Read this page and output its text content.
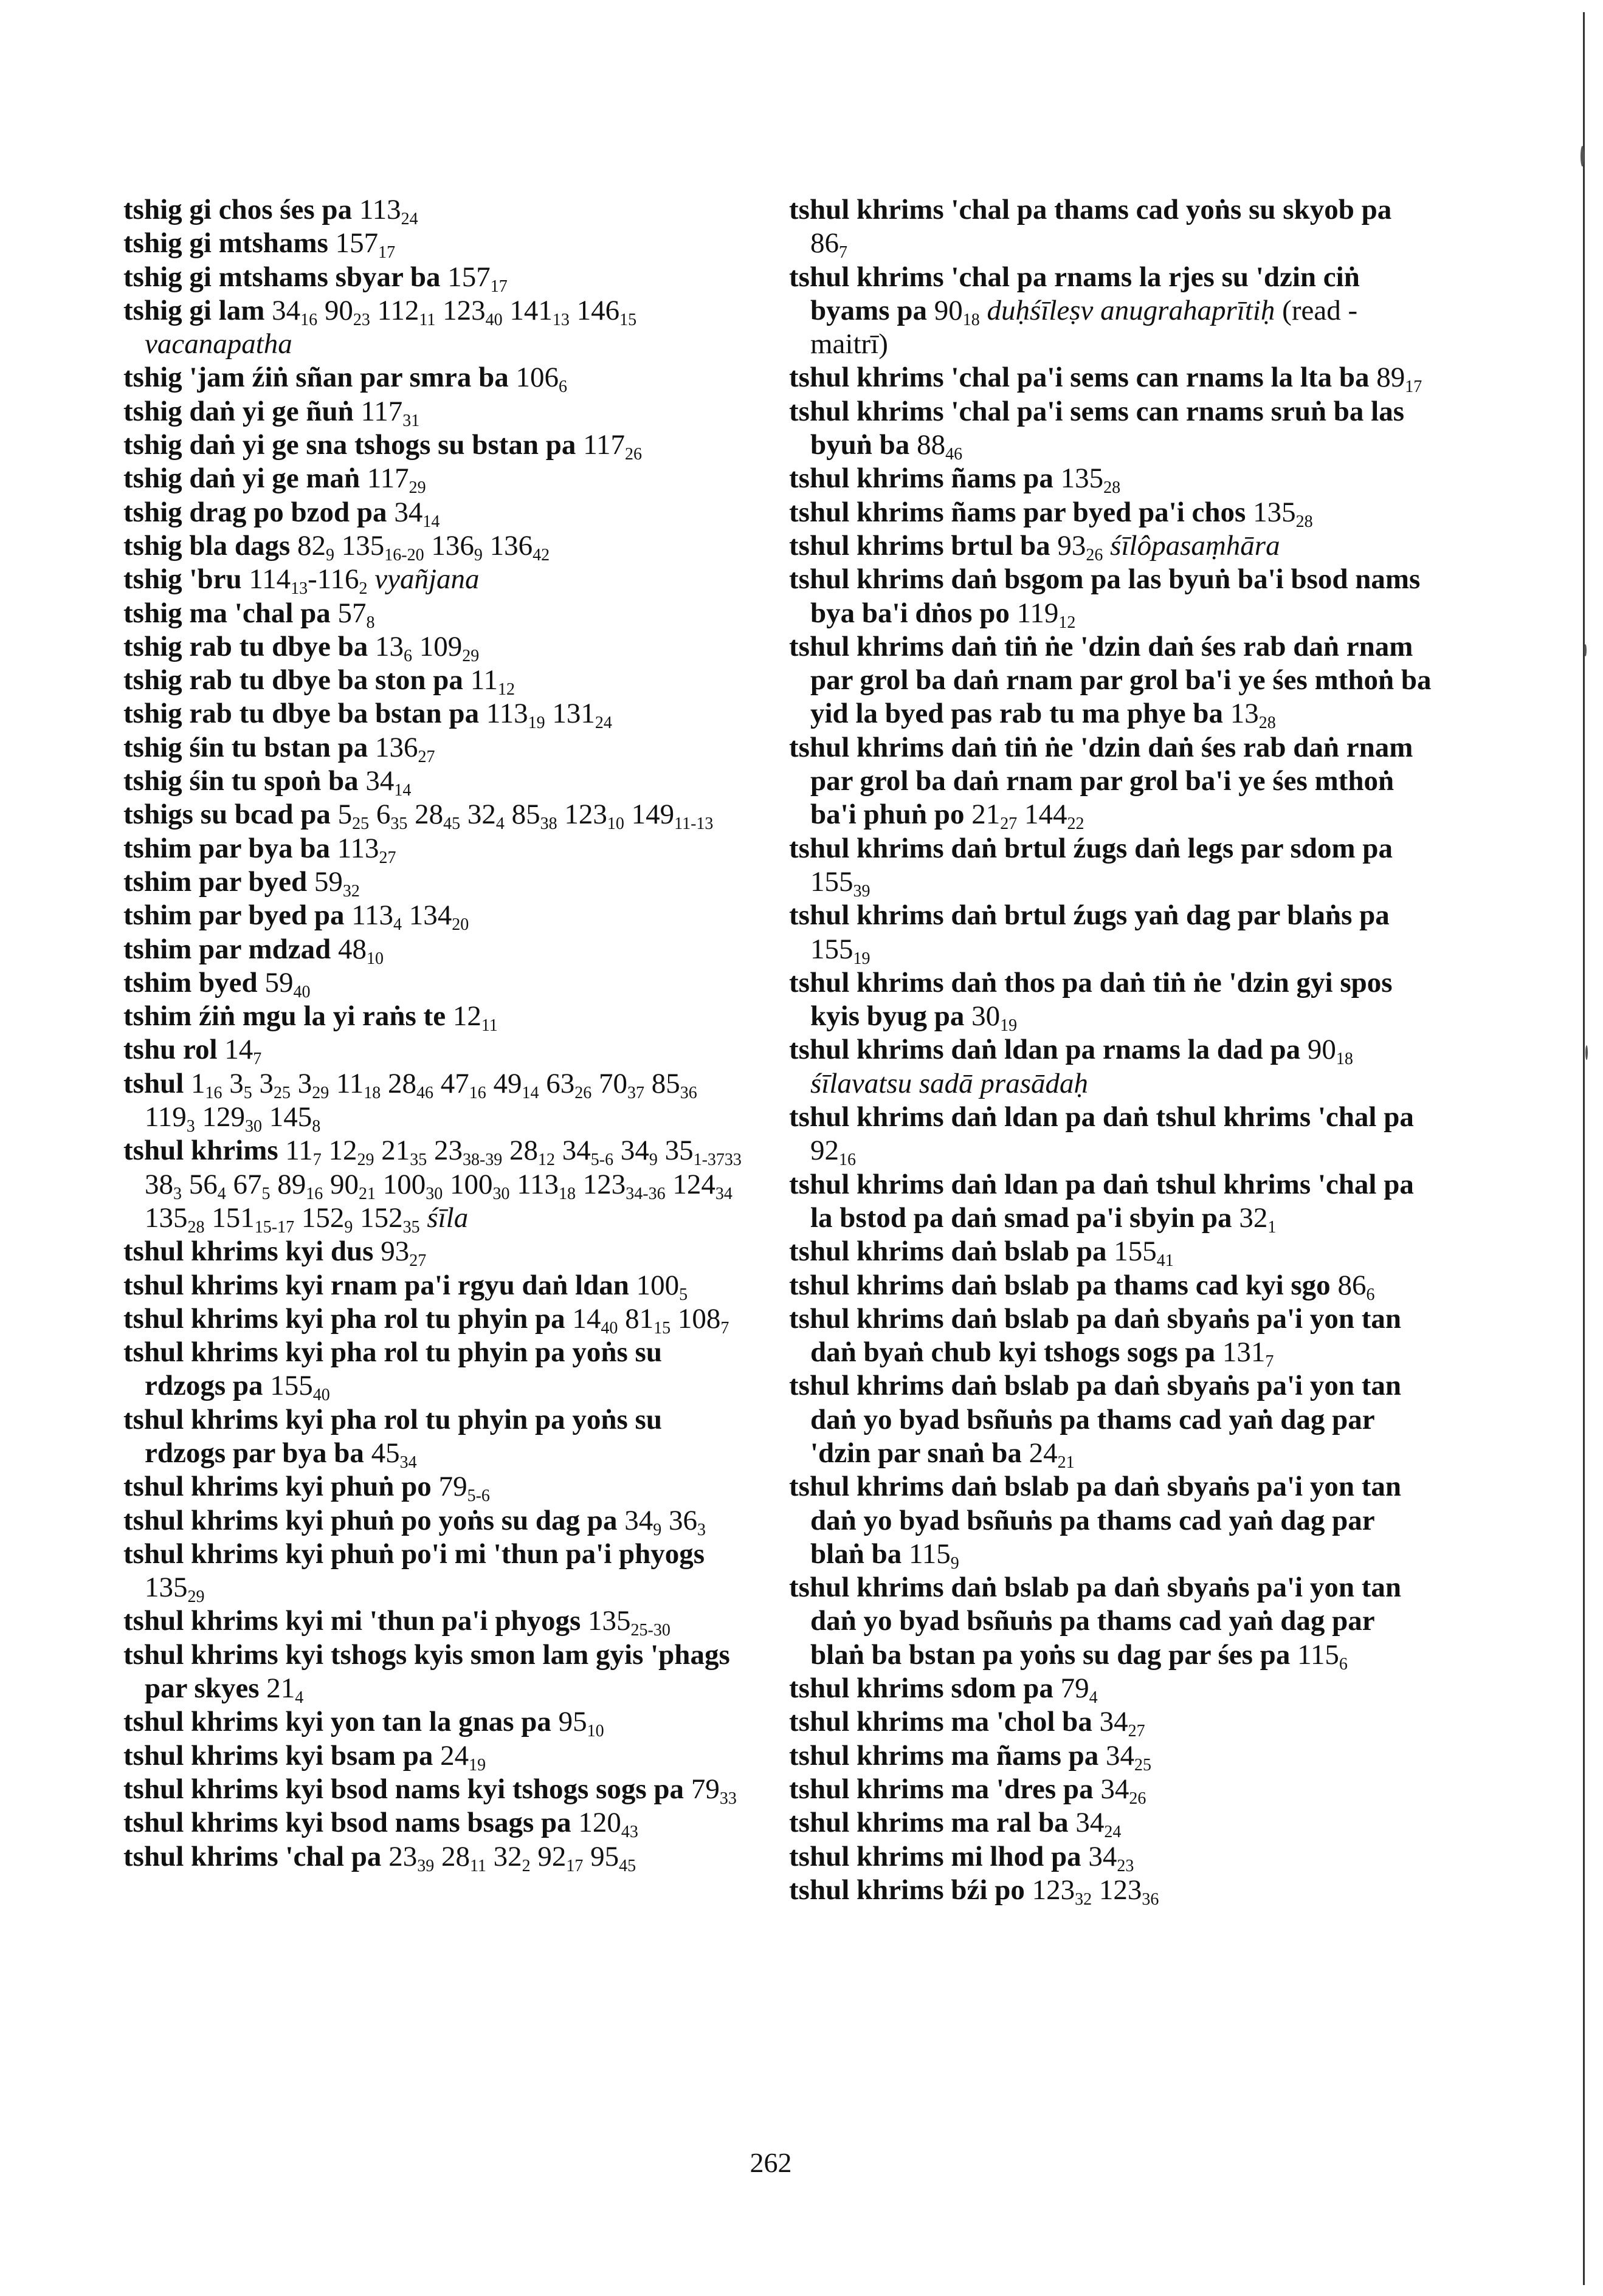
tshig gi chos śes pa $113_{24}$
tshig gi mtshams $157_{17}$
tshig gi mtshams sbyar ba $157_{17}$
tshig gi lam $34_{16}$ $90_{23}$ $112_{11}$ $123_{40}$ $141_{13}$ $146_{15}$ vacanapatha
tshig 'jam źiṅ sñan par smra ba $106_6$
tshig daṅ yi ge ñuṅ $117_{31}$
tshig daṅ yi ge sna tshogs su bstan pa $117_{26}$
tshig daṅ yi ge maṅ $117_{29}$
tshig drag po bzod pa $34_{14}$
tshig bla dags $82_9$ $135_{16-20}$ $136_9$ $136_{42}$
tshig 'bru $114_{13}-116_2$ vyañjana
tshig ma 'chal pa $57_8$
tshig rab tu dbye ba $13_6$ $109_{29}$
tshig rab tu dbye ba ston pa $11_{12}$
tshig rab tu dbye ba bstan pa $113_{19}$ $131_{24}$
tshig śin tu bstan pa $136_{27}$
tshig śin tu spoṅ ba $34_{14}$
tshigs su bcad pa $5_{25}$ $6_{35}$ $28_{45}$ $32_4$ $85_{38}$ $123_{10}$ $149_{11-13}$
tshim par bya ba $113_{27}$
tshim par byed $59_{32}$
tshim par byed pa $113_4$ $134_{20}$
tshim par mdzad $48_{10}$
tshim byed $59_{40}$
tshim źiṅ mgu la yi raṅs te $12_{11}$
tshu rol $14_7$
tshul $1_{16}$ $3_5$ $3_{25}$ $3_{29}$ $11_{18}$ $28_{46}$ $47_{16}$ $49_{14}$ $63_{26}$ $70_{37}$ $85_{36}$ $119_3$ $129_{30}$ $145_8$
tshul khrims $11_7$ $12_{29}$ $21_{35}$ $23_{38-39}$ $28_{12}$ $34_{5-6}$ $34_9$ $35_{1-3733}$ $38_3$ $56_4$ $67_5$ $89_{16}$ $90_{21}$ $100_{30}$ $100_{30}$ $113_{18}$ $123_{34-36}$ $124_{34}$ $135_{28}$ $151_{15-17}$ $152_9$ $152_{35}$ śīla
tshul khrims kyi dus $93_{27}$
tshul khrims kyi rnam pa'i rgyu daṅ ldan $100_5$
tshul khrims kyi pha rol tu phyin pa $14_{40}$ $81_{15}$ $108_7$
tshul khrims kyi pha rol tu phyin pa yoṅs su rdzogs pa $155_{40}$
tshul khrims kyi pha rol tu phyin pa yoṅs su rdzogs par bya ba $45_{34}$
tshul khrims kyi phuṅ po $79_{5-6}$
tshul khrims kyi phuṅ po yoṅs su dag pa $34_9$ $36_3$
tshul khrims kyi phuṅ po'i mi 'thun pa'i phyogs $135_{29}$
tshul khrims kyi mi 'thun pa'i phyogs $135_{25-30}$
tshul khrims kyi tshogs kyis smon lam gyis 'phags par skyes $21_4$
tshul khrims kyi yon tan la gnas pa $95_{10}$
tshul khrims kyi bsam pa $24_{19}$
tshul khrims kyi bsod nams kyi tshogs sogs pa $79_{33}$
tshul khrims kyi bsod nams bsags pa $120_{43}$
tshul khrims 'chal pa $23_{39}$ $28_{11}$ $32_2$ $92_{17}$ $95_{45}$
tshul khrims 'chal pa thams cad yoṅs su skyob pa $86_7$
tshul khrims 'chal pa rnams la rjes su 'dzin ciṅ byams pa $90_{18}$ duḥśīleṣv anugrahaprītiḥ (read -maitrī)
tshul khrims 'chal pa'i sems can rnams la lta ba $89_{17}$
tshul khrims 'chal pa'i sems can rnams sruṅ ba las byuṅ ba $88_{46}$
tshul khrims ñams pa $135_{28}$
tshul khrims ñams par byed pa'i chos $135_{28}$
tshul khrims brtul ba $93_{26}$ śīlôpasaṃhāra
tshul khrims daṅ bsgom pa las byuṅ ba'i bsod nams bya ba'i dṅos po $119_{12}$
tshul khrims daṅ tiṅ ṅe 'dzin daṅ śes rab daṅ rnam par grol ba daṅ rnam par grol ba'i ye śes mthoṅ ba yid la byed pas rab tu ma phye ba $13_{28}$
tshul khrims daṅ tiṅ ṅe 'dzin daṅ śes rab daṅ rnam par grol ba daṅ rnam par grol ba'i ye śes mthoṅ ba'i phuṅ po $21_{27}$ $144_{22}$
tshul khrims daṅ brtul źugs daṅ legs par sdom pa $155_{39}$
tshul khrims daṅ brtul źugs yaṅ dag par blaṅs pa $155_{19}$
tshul khrims daṅ thos pa daṅ tiṅ ṅe 'dzin gyi spos kyis byug pa $30_{19}$
tshul khrims daṅ ldan pa rnams la dad pa $90_{18}$ śīlavatsu sadā prasādaḥ
tshul khrims daṅ ldan pa daṅ tshul khrims 'chal pa $92_{16}$
tshul khrims daṅ ldan pa daṅ tshul khrims 'chal pa la bstod pa daṅ smad pa'i sbyin pa $32_1$
tshul khrims daṅ bslab pa $155_{41}$
tshul khrims daṅ bslab pa thams cad kyi sgo $86_6$
tshul khrims daṅ bslab pa daṅ sbyaṅs pa'i yon tan daṅ byaṅ chub kyi tshogs sogs pa $131_7$
tshul khrims daṅ bslab pa daṅ sbyaṅs pa'i yon tan daṅ yo byad bsñuṅs pa thams cad yaṅ dag par 'dzin par snaṅ ba $24_{21}$
tshul khrims daṅ bslab pa daṅ sbyaṅs pa'i yon tan daṅ yo byad bsñuṅs pa thams cad yaṅ dag par blaṅ ba $115_9$
tshul khrims daṅ bslab pa daṅ sbyaṅs pa'i yon tan daṅ yo byad bsñuṅs pa thams cad yaṅ dag par blaṅ ba bstan pa yoṅs su dag par śes pa $115_6$
tshul khrims sdom pa $79_4$
tshul khrims ma 'chol ba $34_{27}$
tshul khrims ma ñams pa $34_{25}$
tshul khrims ma 'dres pa $34_{26}$
tshul khrims ma ral ba $34_{24}$
tshul khrims mi lhod pa $34_{23}$
tshul khrims bźi po $123_{32}$ $123_{36}$
262
